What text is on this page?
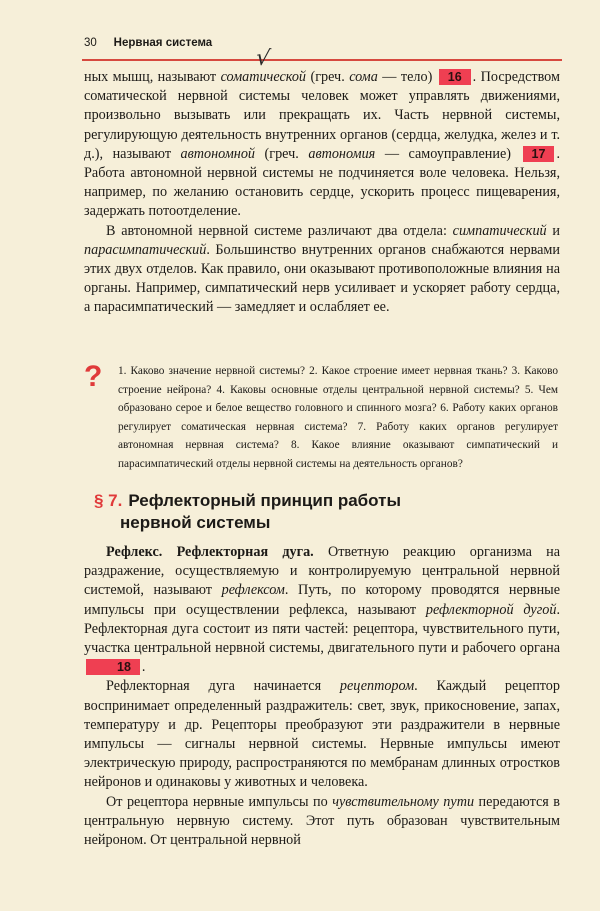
30 Нервная система
√

ных мышц, называют соматической (греч. сома — тело) 16 . Посредством соматической нервной системы человек может управлять движениями, произвольно вызывать или прекращать их. Часть нервной системы, регулирующую деятельность внутренних органов (сердца, желудка, желез и т. д.), называют автономной (греч. автономия — самоуправление) 17 . Работа автономной нервной системы не подчиняется воле человека. Нельзя, например, по желанию остановить сердце, ускорить процесс пищеварения, задержать потоотделение.

В автономной нервной системе различают два отдела: симпатический и парасимпатический. Большинство внутренних органов снабжаются нервами этих двух отделов. Как правило, они оказывают противоположные влияния на органы. Например, симпатический нерв усиливает и ускоряет работу сердца, а парасимпатический — замедляет и ослабляет ее.

?	1. Каково значение нервной системы? 2. Какое строение имеет нервная ткань? 3. Каково строение нейрона? 4. Каковы основные отделы центральной нервной системы? 5. Чем образовано серое и белое вещество головного и спинного мозга? 6. Работу каких органов регулирует соматическая нервная система? 7. Работу каких органов регулирует автономная нервная система? 8. Какое влияние оказывают симпатический и парасимпатический отделы нервной системы на деятельность органов?
§ 7. Рефлекторный принцип работы
нервной системы

Рефлекс. Рефлекторная дуга. Ответную реакцию организма на раздражение, осуществляемую и контролируемую центральной нервной системой, называют рефлексом. Путь, по которому проводятся нервные импульсы при осуществлении рефлекса, называют рефлекторной дугой. Рефлекторная дуга состоит из пяти частей: рецептора, чувствительного пути, участка центральной нервной системы, двигательного пути и рабочего органа 18 .

Рефлекторная дуга начинается рецептором. Каждый рецептор воспринимает определенный раздражитель: свет, звук, прикосновение, запах, температуру и др. Рецепторы преобразуют эти раздражители в нервные импульсы — сигналы нервной системы. Нервные импульсы имеют электрическую природу, распространяются по мембранам длинных отростков нейронов и одинаковы у животных и человека.

От рецептора нервные импульсы по чувствительному пути передаются в центральную нервную систему. Этот путь образован чувствительным нейроном. От центральной нервной
